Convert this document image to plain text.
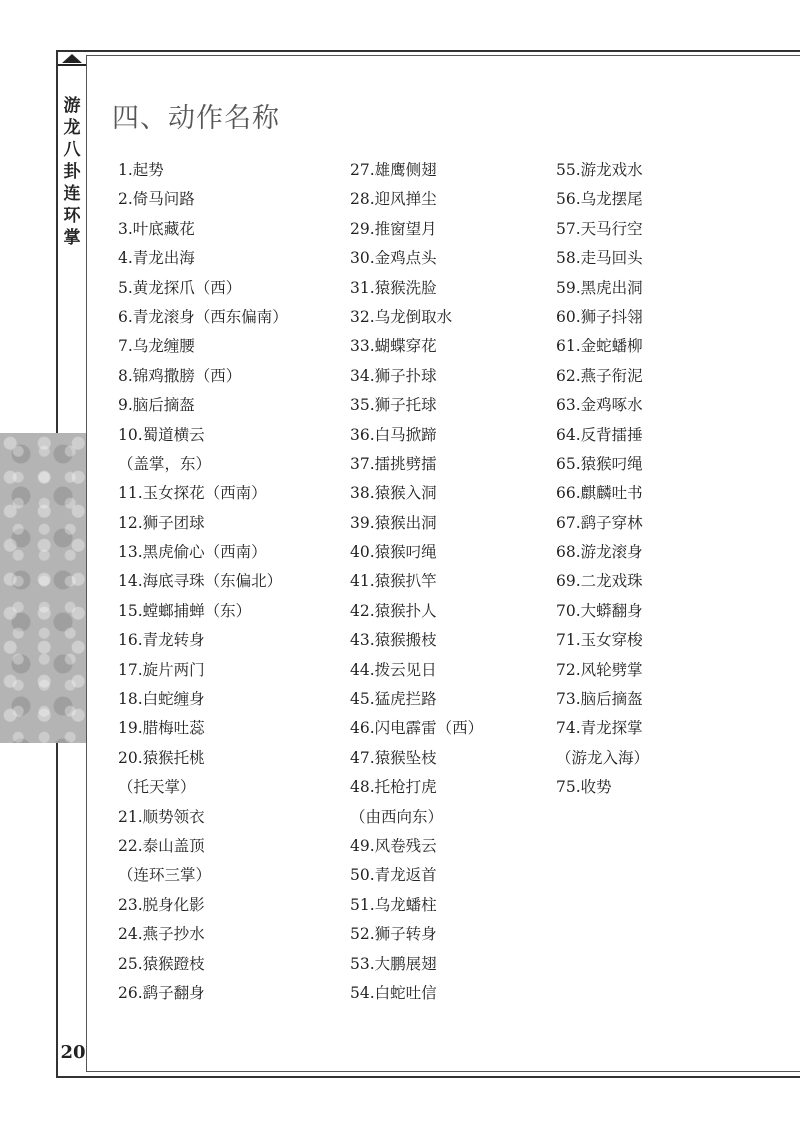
游
龙
八
卦
连
环
掌
20
四、动作名称
1.起势
2.倚马问路
3.叶底藏花
4.青龙出海
5.黄龙探爪（西）
6.青龙滚身（西东偏南）
7.乌龙缠腰
8.锦鸡撒膀（西）
9.脑后摘盔
10.蜀道横云
（盖掌，东）
11.玉女探花（西南）
12.狮子团球
13.黑虎偷心（西南）
14.海底寻珠（东偏北）
15.螳螂捕蝉（东）
16.青龙转身
17.旋片两门
18.白蛇缠身
19.腊梅吐蕊
20.猿猴托桃
（托天掌）
21.顺势领衣
22.泰山盖顶
（连环三掌）
23.脱身化影
24.燕子抄水
25.猿猴蹬枝
26.鹞子翻身
27.雄鹰侧翅
28.迎风掸尘
29.推窗望月
30.金鸡点头
31.猿猴洗脸
32.乌龙倒取水
33.蝴蝶穿花
34.狮子扑球
35.狮子托球
36.白马掀蹄
37.擂挑劈擂
38.猿猴入洞
39.猿猴出洞
40.猿猴叼绳
41.猿猴扒竿
42.猿猴扑人
43.猿猴搬枝
44.拨云见日
45.猛虎拦路
46.闪电霹雷（西）
47.猿猴坠枝
48.托枪打虎
（由西向东）
49.风卷残云
50.青龙返首
51.乌龙蟠柱
52.狮子转身
53.大鹏展翅
54.白蛇吐信
55.游龙戏水
56.乌龙摆尾
57.天马行空
58.走马回头
59.黑虎出洞
60.狮子抖翎
61.金蛇蟠柳
62.燕子衔泥
63.金鸡啄水
64.反背擂捶
65.猿猴叼绳
66.麒麟吐书
67.鹞子穿林
68.游龙滚身
69.二龙戏珠
70.大蟒翻身
71.玉女穿梭
72.风轮劈掌
73.脑后摘盔
74.青龙探掌
（游龙入海）
75.收势
